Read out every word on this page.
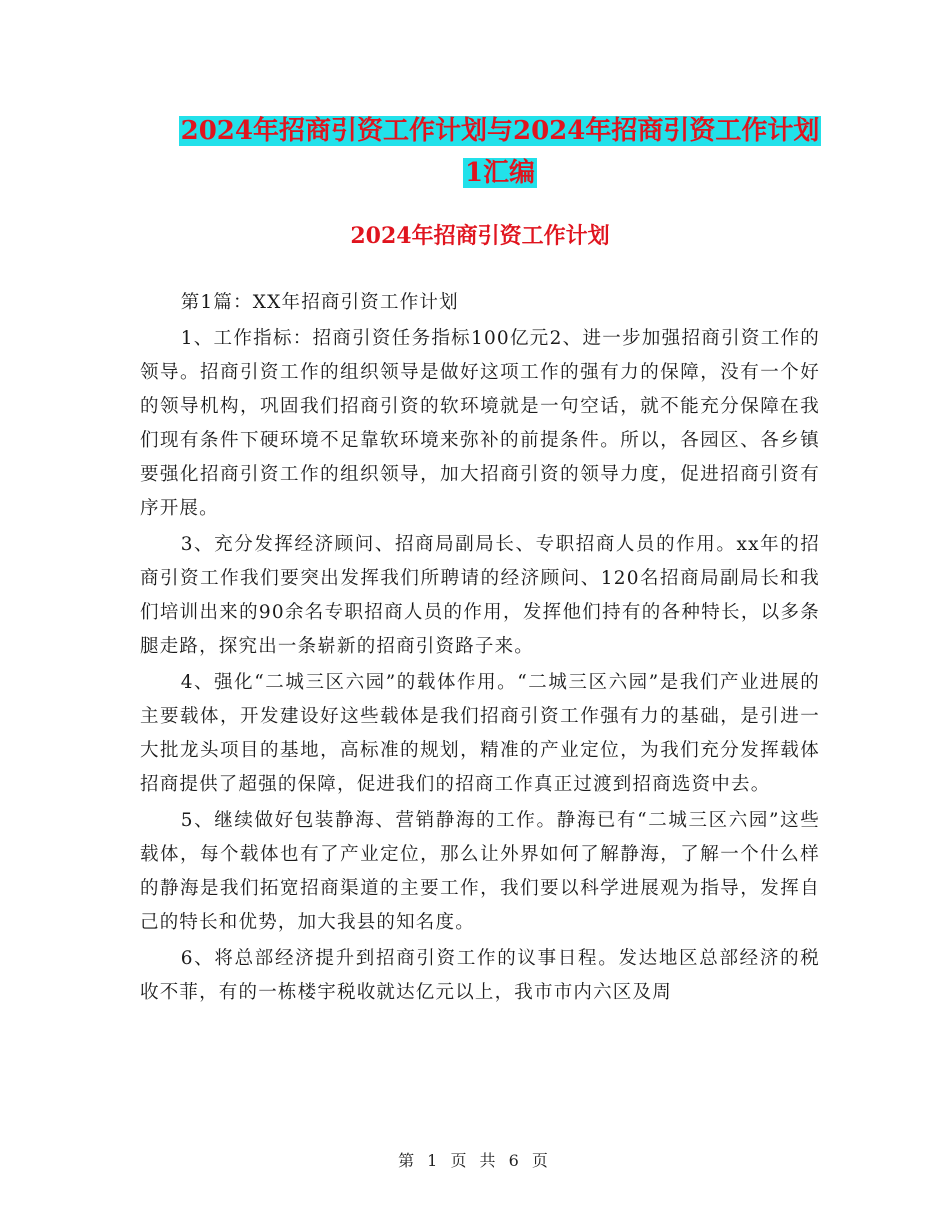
2024年招商引资工作计划与2024年招商引资工作计划
1汇编
2024年招商引资工作计划

第1篇：XX年招商引资工作计划

1、工作指标：招商引资任务指标100亿元2、进一步加强招商引资工作的领导。招商引资工作的组织领导是做好这项工作的强有力的保障，没有一个好的领导机构，巩固我们招商引资的软环境就是一句空话，就不能充分保障在我们现有条件下硬环境不足靠软环境来弥补的前提条件。所以，各园区、各乡镇要强化招商引资工作的组织领导，加大招商引资的领导力度，促进招商引资有序开展。

3、充分发挥经济顾问、招商局副局长、专职招商人员的作用。xx年的招商引资工作我们要突出发挥我们所聘请的经济顾问、120名招商局副局长和我们培训出来的90余名专职招商人员的作用，发挥他们持有的各种特长，以多条腿走路，探究出一条崭新的招商引资路子来。

4、强化“二城三区六园”的载体作用。“二城三区六园”是我们产业进展的主要载体，开发建设好这些载体是我们招商引资工作强有力的基础，是引进一大批龙头项目的基地，高标准的规划，精准的产业定位，为我们充分发挥载体招商提供了超强的保障，促进我们的招商工作真正过渡到招商选资中去。

5、继续做好包装静海、营销静海的工作。静海已有“二城三区六园”这些载体，每个载体也有了产业定位，那么让外界如何了解静海，了解一个什么样的静海是我们拓宽招商渠道的主要工作，我们要以科学进展观为指导，发挥自己的特长和优势，加大我县的知名度。

6、将总部经济提升到招商引资工作的议事日程。发达地区总部经济的税收不菲，有的一栋楼宇税收就达亿元以上，我市市内六区及周

第 1 页 共 6 页
